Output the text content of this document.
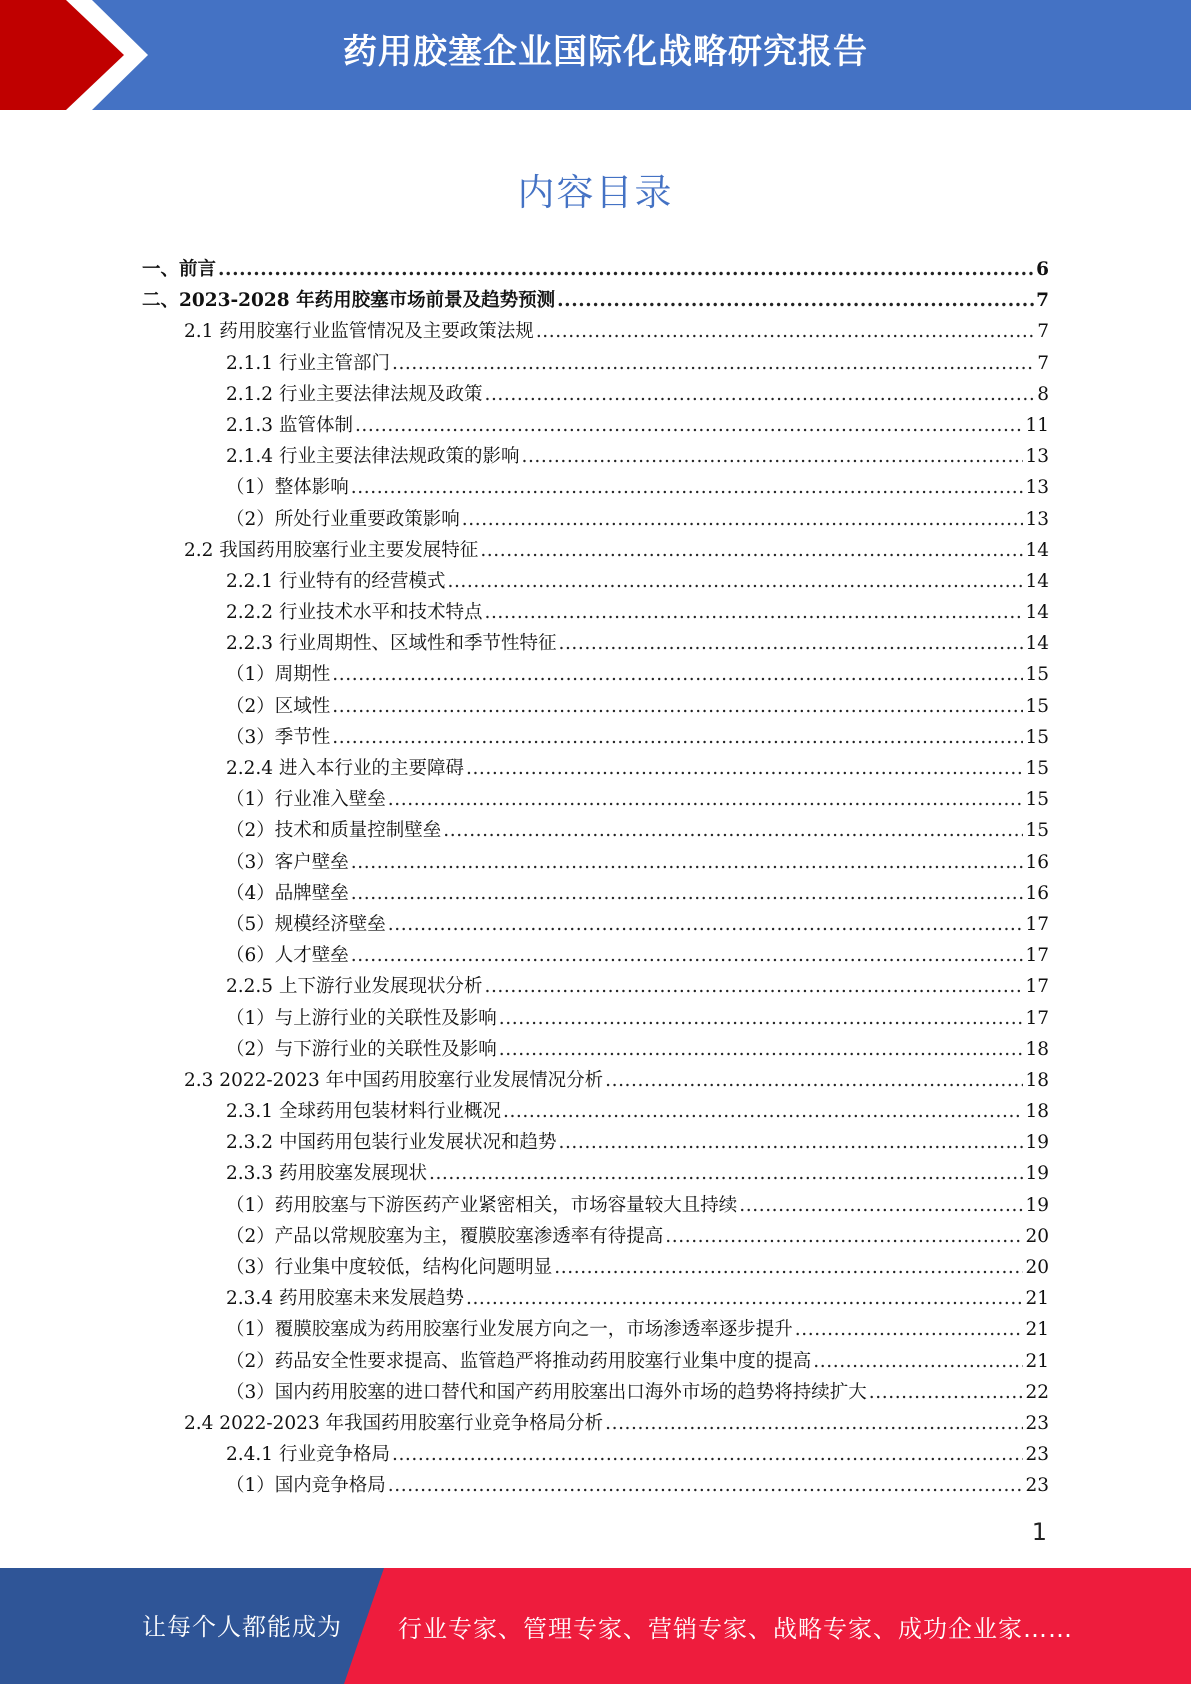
药用胶塞企业国际化战略研究报告
内容目录
一、前言 .....	6
二、2023-2028 年药用胶塞市场前景及趋势预测 .....	7
2.1 药用胶塞行业监管情况及主要政策法规 .....	7
2.1.1 行业主管部门 .....	7
2.1.2 行业主要法律法规及政策 .....	8
2.1.3 监管体制 .....	11
2.1.4 行业主要法律法规政策的影响 .....	13
（1）整体影响 .....	13
（2）所处行业重要政策影响 .....	13
2.2 我国药用胶塞行业主要发展特征 .....	14
2.2.1 行业特有的经营模式 .....	14
2.2.2 行业技术水平和技术特点 .....	14
2.2.3 行业周期性、区域性和季节性特征 .....	14
（1）周期性 .....	15
（2）区域性 .....	15
（3）季节性 .....	15
2.2.4 进入本行业的主要障碍 .....	15
（1）行业准入壁垒 .....	15
（2）技术和质量控制壁垒 .....	15
（3）客户壁垒 .....	16
（4）品牌壁垒 .....	16
（5）规模经济壁垒 .....	17
（6）人才壁垒 .....	17
2.2.5 上下游行业发展现状分析 .....	17
（1）与上游行业的关联性及影响 .....	17
（2）与下游行业的关联性及影响 .....	18
2.3 2022-2023 年中国药用胶塞行业发展情况分析 .....	18
2.3.1 全球药用包装材料行业概况 .....	18
2.3.2 中国药用包装行业发展状况和趋势 .....	19
2.3.3 药用胶塞发展现状 .....	19
（1）药用胶塞与下游医药产业紧密相关，市场容量较大且持续 .....	19
（2）产品以常规胶塞为主，覆膜胶塞渗透率有待提高 .....	20
（3）行业集中度较低，结构化问题明显 .....	20
2.3.4 药用胶塞未来发展趋势 .....	21
（1）覆膜胶塞成为药用胶塞行业发展方向之一，市场渗透率逐步提升 .....	21
（2）药品安全性要求提高、监管趋严将推动药用胶塞行业集中度的提高 .....	21
（3）国内药用胶塞的进口替代和国产药用胶塞出口海外市场的趋势将持续扩大 .....	22
2.4 2022-2023 年我国药用胶塞行业竞争格局分析 .....	23
2.4.1 行业竞争格局 .....	23
（1）国内竞争格局 .....	23
1
让每个人都能成为 行业专家、管理专家、营销专家、战略专家、成功企业家……
